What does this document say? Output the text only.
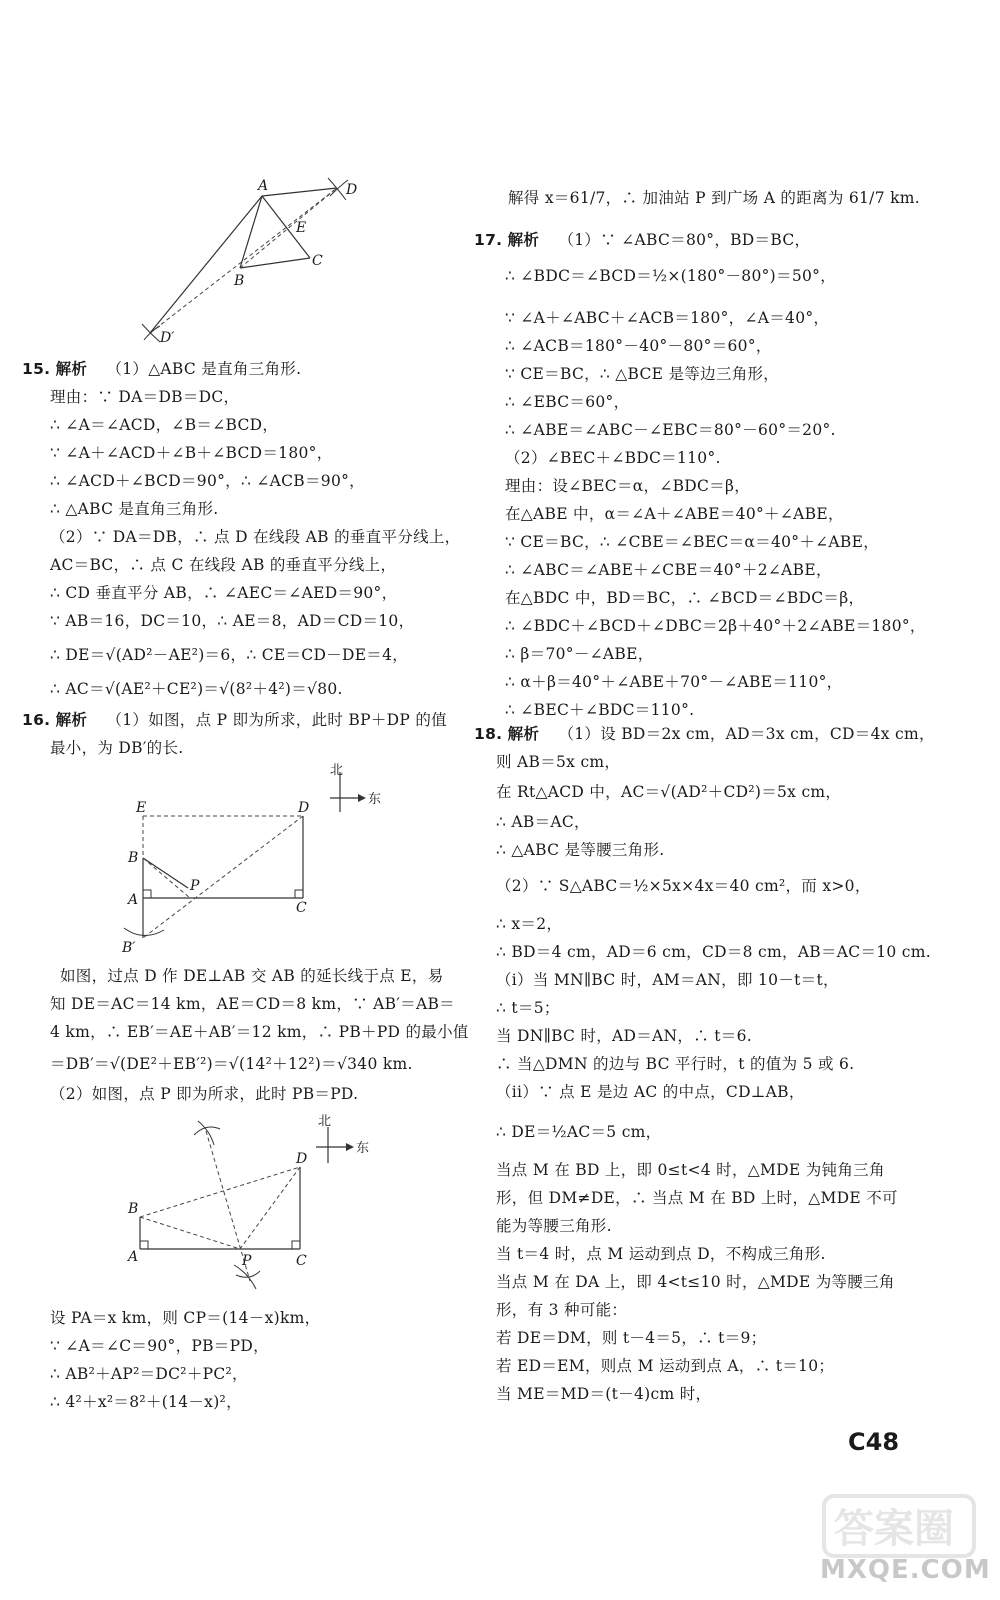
A	D
E
C
B
D′
15. 解析 （1）△ABC 是直角三角形.
理由：∵ DA＝DB＝DC，
∴ ∠A＝∠ACD，∠B＝∠BCD，
∵ ∠A＋∠ACD＋∠B＋∠BCD＝180°，
∴ ∠ACD＋∠BCD＝90°，∴ ∠ACB＝90°，
∴ △ABC 是直角三角形.
（2）∵ DA＝DB，∴ 点 D 在线段 AB 的垂直平分线上，
AC＝BC，∴ 点 C 在线段 AB 的垂直平分线上，
∴ CD 垂直平分 AB，∴ ∠AEC＝∠AED＝90°，
∵ AB＝16，DC＝10，∴ AE＝8，AD＝CD＝10，
∴ DE＝√(AD²－AE²)＝6，∴ CE＝CD－DE＝4，
∴ AC＝√(AE²＋CE²)＝√(8²＋4²)＝√80.
16. 解析 （1）如图，点 P 即为所求，此时 BP＋DP 的值
最小，为 DB′的长.
北
东
E	D
B
P
A	C
B′
如图，过点 D 作 DE⊥AB 交 AB 的延长线于点 E，易
知 DE＝AC＝14 km，AE＝CD＝8 km，∵ AB′＝AB＝
4 km，∴ EB′＝AE＋AB′＝12 km，∴ PB＋PD 的最小值
＝DB′＝√(DE²＋EB′²)＝√(14²＋12²)＝√340 km.
（2）如图，点 P 即为所求，此时 PB＝PD.
北
东
D
B
A	P	C
设 PA＝x km，则 CP＝(14－x)km，
∵ ∠A＝∠C＝90°，PB＝PD，
∴ AB²＋AP²＝DC²＋PC²，
∴ 4²＋x²＝8²＋(14－x)²，
解得 x＝61/7，∴ 加油站 P 到广场 A 的距离为 61/7 km.
17. 解析 （1）∵ ∠ABC＝80°，BD＝BC，
∴ ∠BDC＝∠BCD＝½×(180°－80°)＝50°，
∵ ∠A＋∠ABC＋∠ACB＝180°，∠A＝40°，
∴ ∠ACB＝180°－40°－80°＝60°，
∵ CE＝BC，∴ △BCE 是等边三角形，
∴ ∠EBC＝60°，
∴ ∠ABE＝∠ABC－∠EBC＝80°－60°＝20°.
（2）∠BEC＋∠BDC＝110°.
理由：设∠BEC＝α，∠BDC＝β，
在△ABE 中，α＝∠A＋∠ABE＝40°＋∠ABE，
∵ CE＝BC，∴ ∠CBE＝∠BEC＝α＝40°＋∠ABE，
∴ ∠ABC＝∠ABE＋∠CBE＝40°＋2∠ABE，
在△BDC 中，BD＝BC，∴ ∠BCD＝∠BDC＝β，
∴ ∠BDC＋∠BCD＋∠DBC＝2β＋40°＋2∠ABE＝180°，
∴ β＝70°－∠ABE，
∴ α＋β＝40°＋∠ABE＋70°－∠ABE＝110°，
∴ ∠BEC＋∠BDC＝110°.
18. 解析 （1）设 BD＝2x cm，AD＝3x cm，CD＝4x cm，
则 AB＝5x cm，
在 Rt△ACD 中，AC＝√(AD²＋CD²)＝5x cm，
∴ AB＝AC，
∴ △ABC 是等腰三角形.
（2）∵ S△ABC＝½×5x×4x＝40 cm²，而 x>0，
∴ x＝2，
∴ BD＝4 cm，AD＝6 cm，CD＝8 cm，AB＝AC＝10 cm.
（i）当 MN∥BC 时，AM＝AN，即 10－t＝t，
∴ t＝5；
当 DN∥BC 时，AD＝AN，∴ t＝6.
∴ 当△DMN 的边与 BC 平行时，t 的值为 5 或 6.
（ii）∵ 点 E 是边 AC 的中点，CD⊥AB，
∴ DE＝½AC＝5 cm，
当点 M 在 BD 上，即 0≤t<4 时，△MDE 为钝角三角
形，但 DM≠DE，∴ 当点 M 在 BD 上时，△MDE 不可
能为等腰三角形.
当 t＝4 时，点 M 运动到点 D，不构成三角形.
当点 M 在 DA 上，即 4<t≤10 时，△MDE 为等腰三角
形，有 3 种可能：
若 DE＝DM，则 t－4＝5，∴ t＝9；
若 ED＝EM，则点 M 运动到点 A，∴ t＝10；
当 ME＝MD＝(t－4)cm 时，
C48
答案圈
MXQE.COM
